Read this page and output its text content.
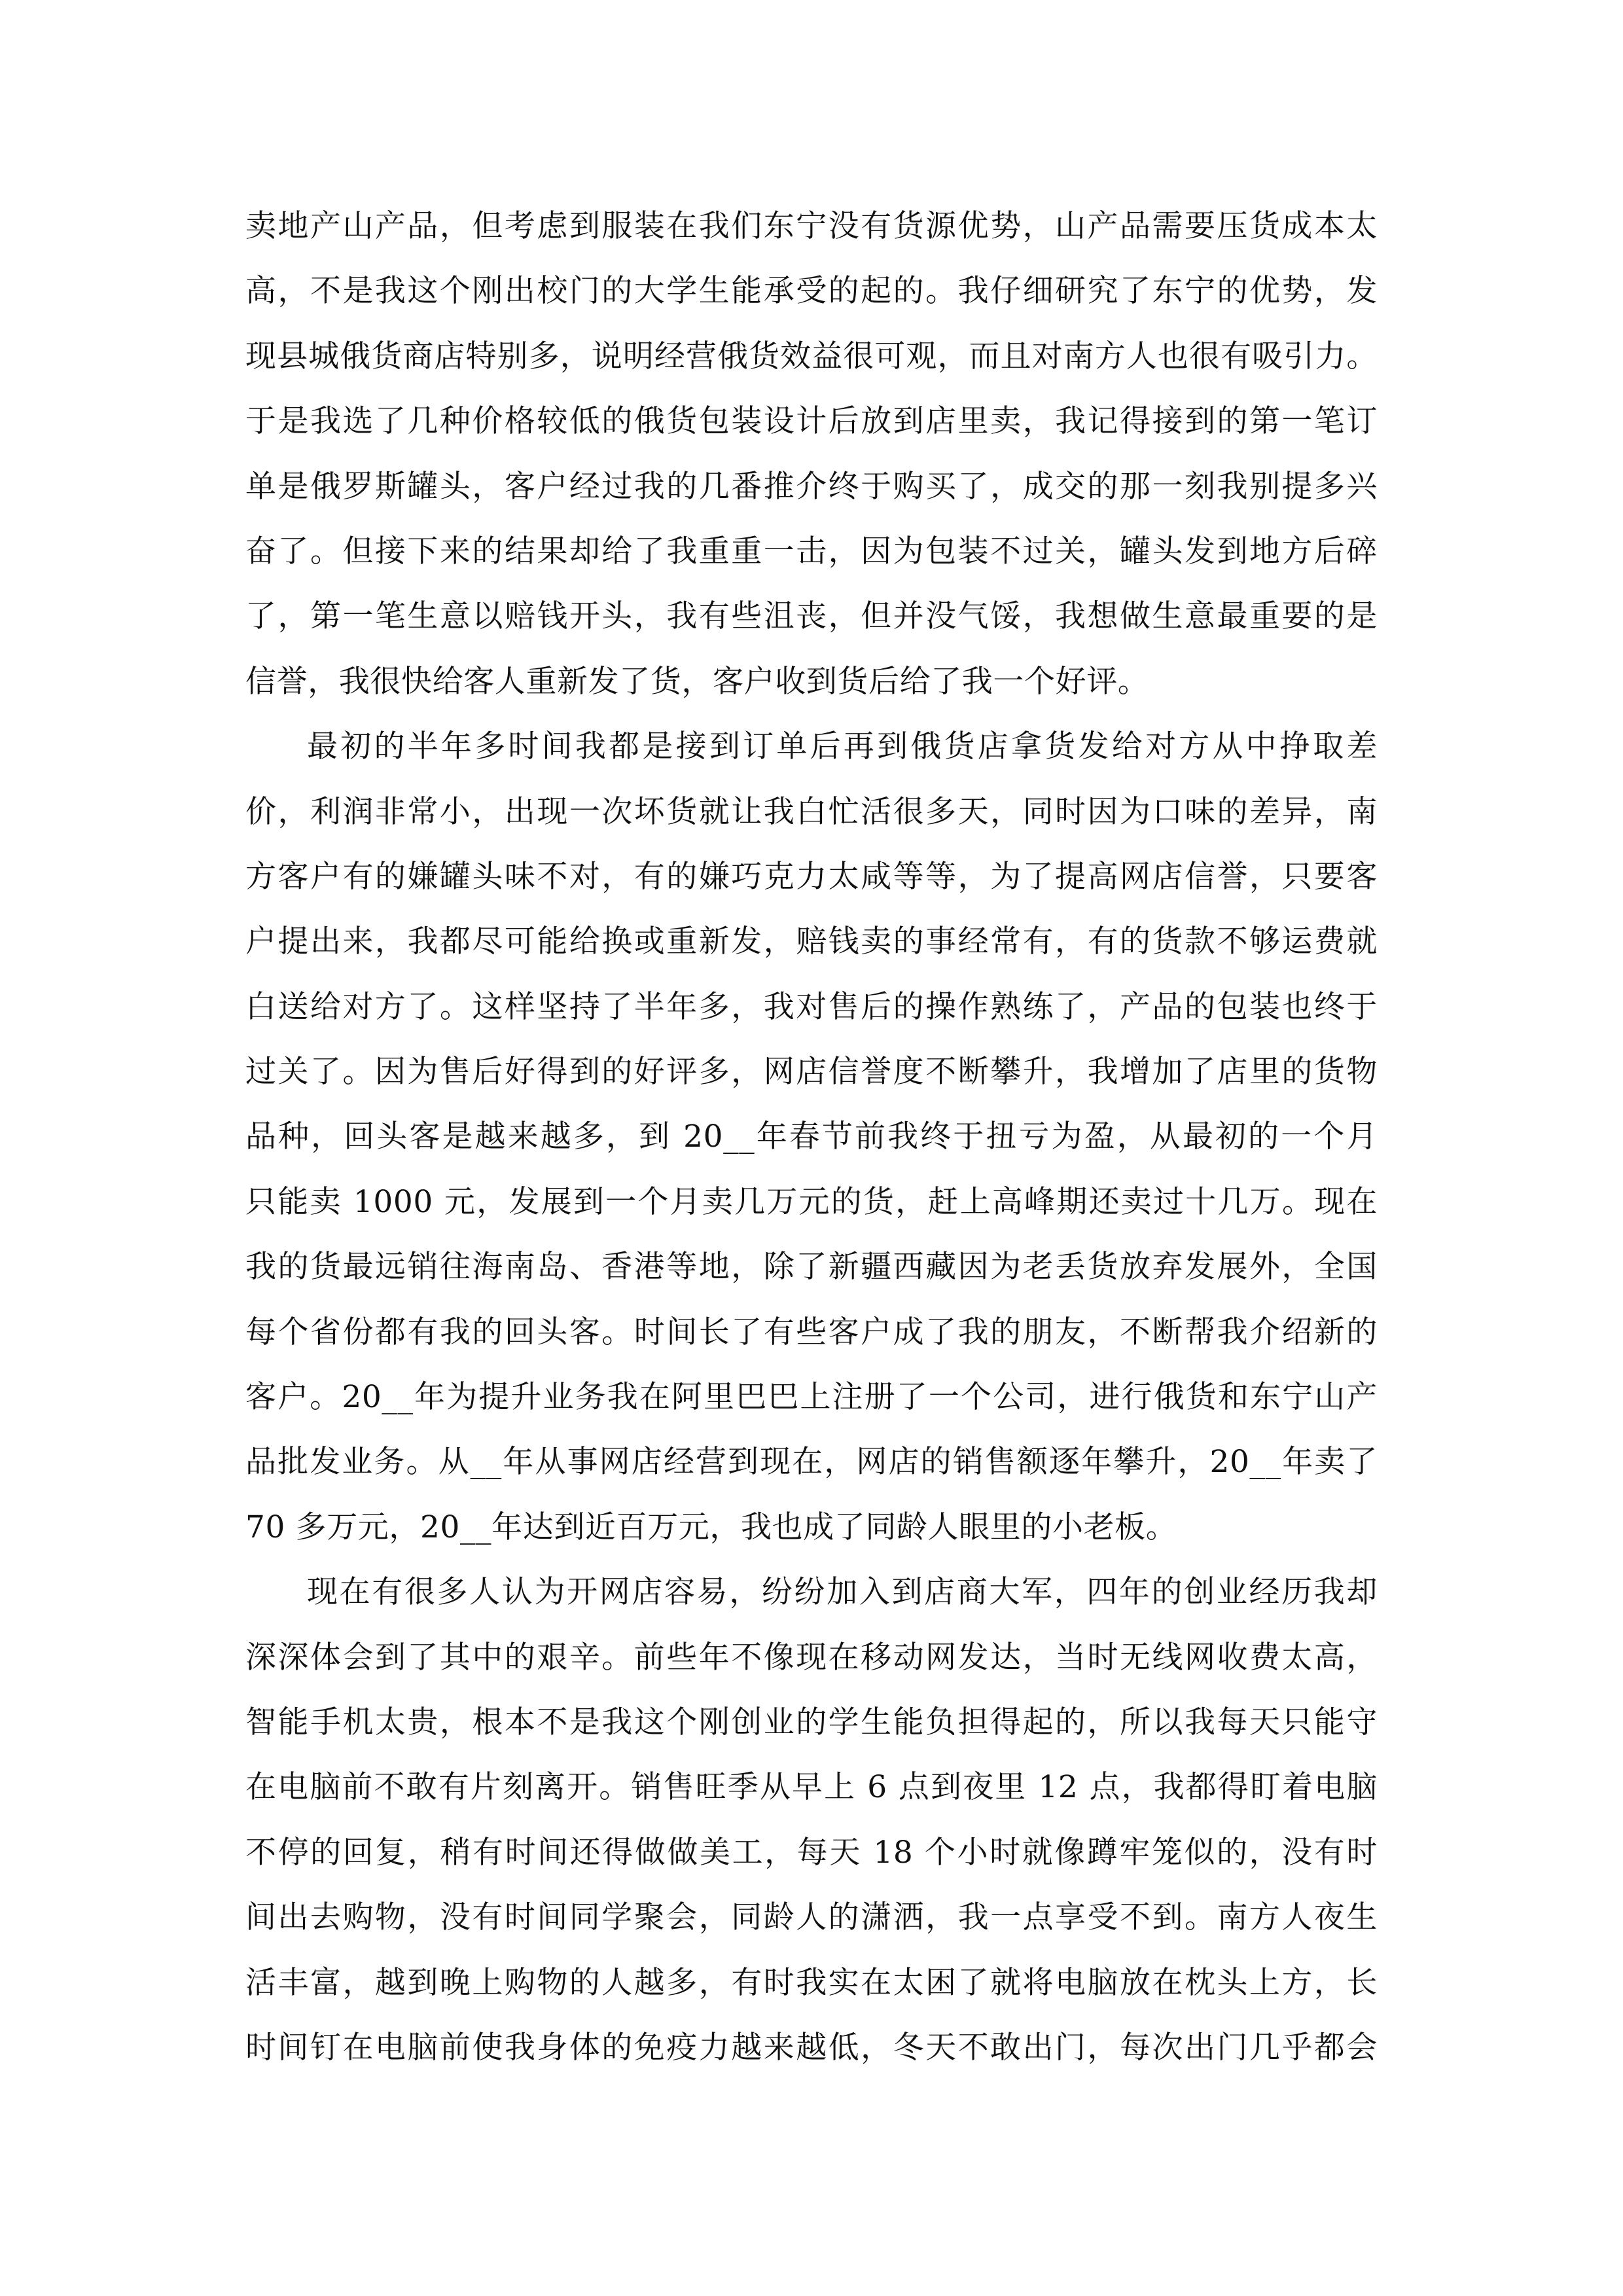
卖地产山产品，但考虑到服装在我们东宁没有货源优势，山产品需要压货成本太
高，不是我这个刚出校门的大学生能承受的起的。我仔细研究了东宁的优势，发
现县城俄货商店特别多，说明经营俄货效益很可观，而且对南方人也很有吸引力。
于是我选了几种价格较低的俄货包装设计后放到店里卖，我记得接到的第一笔订
单是俄罗斯罐头，客户经过我的几番推介终于购买了，成交的那一刻我别提多兴
奋了。但接下来的结果却给了我重重一击，因为包装不过关，罐头发到地方后碎
了，第一笔生意以赔钱开头，我有些沮丧，但并没气馁，我想做生意最重要的是
信誉，我很快给客人重新发了货，客户收到货后给了我一个好评。
最初的半年多时间我都是接到订单后再到俄货店拿货发给对方从中挣取差
价，利润非常小，出现一次坏货就让我白忙活很多天，同时因为口味的差异，南
方客户有的嫌罐头味不对，有的嫌巧克力太咸等等，为了提高网店信誉，只要客
户提出来，我都尽可能给换或重新发，赔钱卖的事经常有，有的货款不够运费就
白送给对方了。这样坚持了半年多，我对售后的操作熟练了，产品的包装也终于
过关了。因为售后好得到的好评多，网店信誉度不断攀升，我增加了店里的货物
品种，回头客是越来越多，到 20__年春节前我终于扭亏为盈，从最初的一个月
只能卖 1000 元，发展到一个月卖几万元的货，赶上高峰期还卖过十几万。现在
我的货最远销往海南岛、香港等地，除了新疆西藏因为老丢货放弃发展外，全国
每个省份都有我的回头客。时间长了有些客户成了我的朋友，不断帮我介绍新的
客户。20__年为提升业务我在阿里巴巴上注册了一个公司，进行俄货和东宁山产
品批发业务。从__年从事网店经营到现在，网店的销售额逐年攀升，20__年卖了
70 多万元，20__年达到近百万元，我也成了同龄人眼里的小老板。
现在有很多人认为开网店容易，纷纷加入到店商大军，四年的创业经历我却
深深体会到了其中的艰辛。前些年不像现在移动网发达，当时无线网收费太高，
智能手机太贵，根本不是我这个刚创业的学生能负担得起的，所以我每天只能守
在电脑前不敢有片刻离开。销售旺季从早上 6 点到夜里 12 点，我都得盯着电脑
不停的回复，稍有时间还得做做美工，每天 18 个小时就像蹲牢笼似的，没有时
间出去购物，没有时间同学聚会，同龄人的潇洒，我一点享受不到。南方人夜生
活丰富，越到晚上购物的人越多，有时我实在太困了就将电脑放在枕头上方，长
时间钉在电脑前使我身体的免疫力越来越低，冬天不敢出门，每次出门几乎都会
